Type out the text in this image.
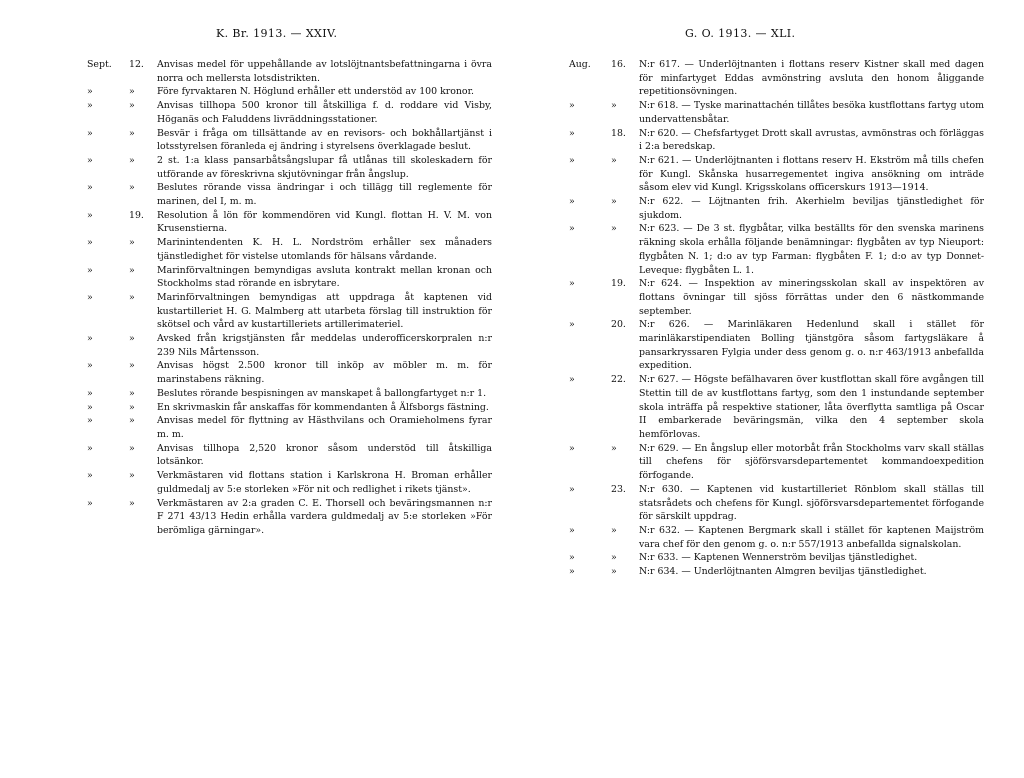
K. Br. 1913. — XXIV.
Sept.	12.	Anvisas medel för uppehållande av lotslöjtnantsbefattningarna i övra norra och mellersta lotsdistrikten.
»	»	Före fyrvaktaren N. Höglund erhåller ett understöd av 100 kronor.
»	»	Anvisas tillhopa 500 kronor till åtskilliga f. d. roddare vid Visby, Höganäs och Faluddens livräddningsstationer.
»	»	Besvär i fråga om tillsättande av en revisors- och bokhållartjänst i lotsstyrelsen föranleda ej ändring i styrelsens överklagade beslut.
»	»	2 st. 1:a klass pansarbåtsångslupar få utlånas till skoleskadern för utförande av föreskrivna skjutövningar från ångslup.
»	»	Beslutes rörande vissa ändringar i och tillägg till reglemente för marinen, del I, m. m.
»	19.	Resolution å lön för kommendören vid Kungl. flottan H. V. M. von Krusenstierna.
»	»	Marinintendenten K. H. L. Nordström erhåller sex månaders tjänstledighet för vistelse utomlands för hälsans vårdande.
»	»	Marinförvaltningen bemyndigas avsluta kontrakt mellan kronan och Stockholms stad rörande en isbrytare.
»	»	Marinförvaltningen bemyndigas att uppdraga åt kaptenen vid kustartilleriet H. G. Malmberg att utarbeta förslag till instruktion för skötsel och vård av kustartilleriets artillerimateriel.
»	»	Avsked från krigstjänsten får meddelas underofficerskorpralen n:r 239 Nils Mårtensson.
»	»	Anvisas högst 2.500 kronor till inköp av möbler m. m. för marinstabens räkning.
»	»	Beslutes rörande bespisningen av manskapet å ballongfartyget n:r 1.
»	»	En skrivmaskin får anskaffas för kommendanten å Älfsborgs fästning.
»	»	Anvisas medel för flyttning av Hästhvilans och Oramieholmens fyrar m. m.
»	»	Anvisas tillhopa 2,520 kronor såsom understöd till åtskilliga lotsänkor.
»	»	Verkmästaren vid flottans station i Karlskrona H. Broman erhåller guldmedalj av 5:e storleken »För nit och redlighet i rikets tjänst».
»	»	Verkmästaren av 2:a graden C. E. Thorsell och beväringsmannen n:r F 271 43/13 Hedin erhålla vardera guldmedalj av 5:e storleken »För berömliga gärningar».
G. O. 1913. — XLI.
Aug.	16.	N:r 617. — Underlöjtnanten i flottans reserv Kistner skall med dagen för minfartyget Eddas avmönstring avsluta den honom åliggande repetitionsövningen.
»	»	N:r 618. — Tyske marinattachén tillåtes besöka kustflottans fartyg utom undervattensbåtar.
»	18.	N:r 620. — Chefsfartyget Drott skall avrustas, avmönstras och förläggas i 2:a beredskap.
»	»	N:r 621. — Underlöjtnanten i flottans reserv H. Ekström må tills chefen för Kungl. Skånska husarregementet ingiva ansökning om inträde såsom elev vid Kungl. Krigsskolans officerskurs 1913—1914.
»	»	N:r 622. — Löjtnanten frih. Akerhielm beviljas tjänstledighet för sjukdom.
»	»	N:r 623. — De 3 st. flygbåtar, vilka beställts för den svenska marinens räkning skola erhålla följande benämningar: flygbåten av typ Nieuport: flygbåten N. 1; d:o av typ Farman: flygbåten F. 1; d:o av typ Donnet-Leveque: flygbåten L. 1.
»	19.	N:r 624. — Inspektion av mineringsskolan skall av inspektören av flottans övningar till sjöss förrättas under den 6 nästkommande september.
»	20.	N:r 626. — Marinläkaren Hedenlund skall i stället för marinläkarstipendiaten Bolling tjänstgöra såsom fartygsläkare å pansarkryssaren Fylgia under dess genom g. o. n:r 463/1913 anbefallda expedition.
»	22.	N:r 627. — Högste befälhavaren över kustflottan skall före avgången till Stettin till de av kustflottans fartyg, som den 1 instundande september skola inträffa på respektive stationer, låta överflytta samtliga på Oscar II embarkerade beväringsmän, vilka den 4 september skola hemförlovas.
»	»	N:r 629. — En ångslup eller motorbåt från Stockholms varv skall ställas till chefens för sjöförsvarsdepartementet kommandoexpedition förfogande.
»	23.	N:r 630. — Kaptenen vid kustartilleriet Rönblom skall ställas till statsrådets och chefens för Kungl. sjöförsvarsdepartementet förfogande för särskilt uppdrag.
»	»	N:r 632. — Kaptenen Bergmark skall i stället för kaptenen Maijström vara chef för den genom g. o. n:r 557/1913 anbefallda signalskolan.
»	»	N:r 633. — Kaptenen Wennerström beviljas tjänstledighet.
»	»	N:r 634. — Underlöjtnanten Almgren beviljas tjänstledighet.
